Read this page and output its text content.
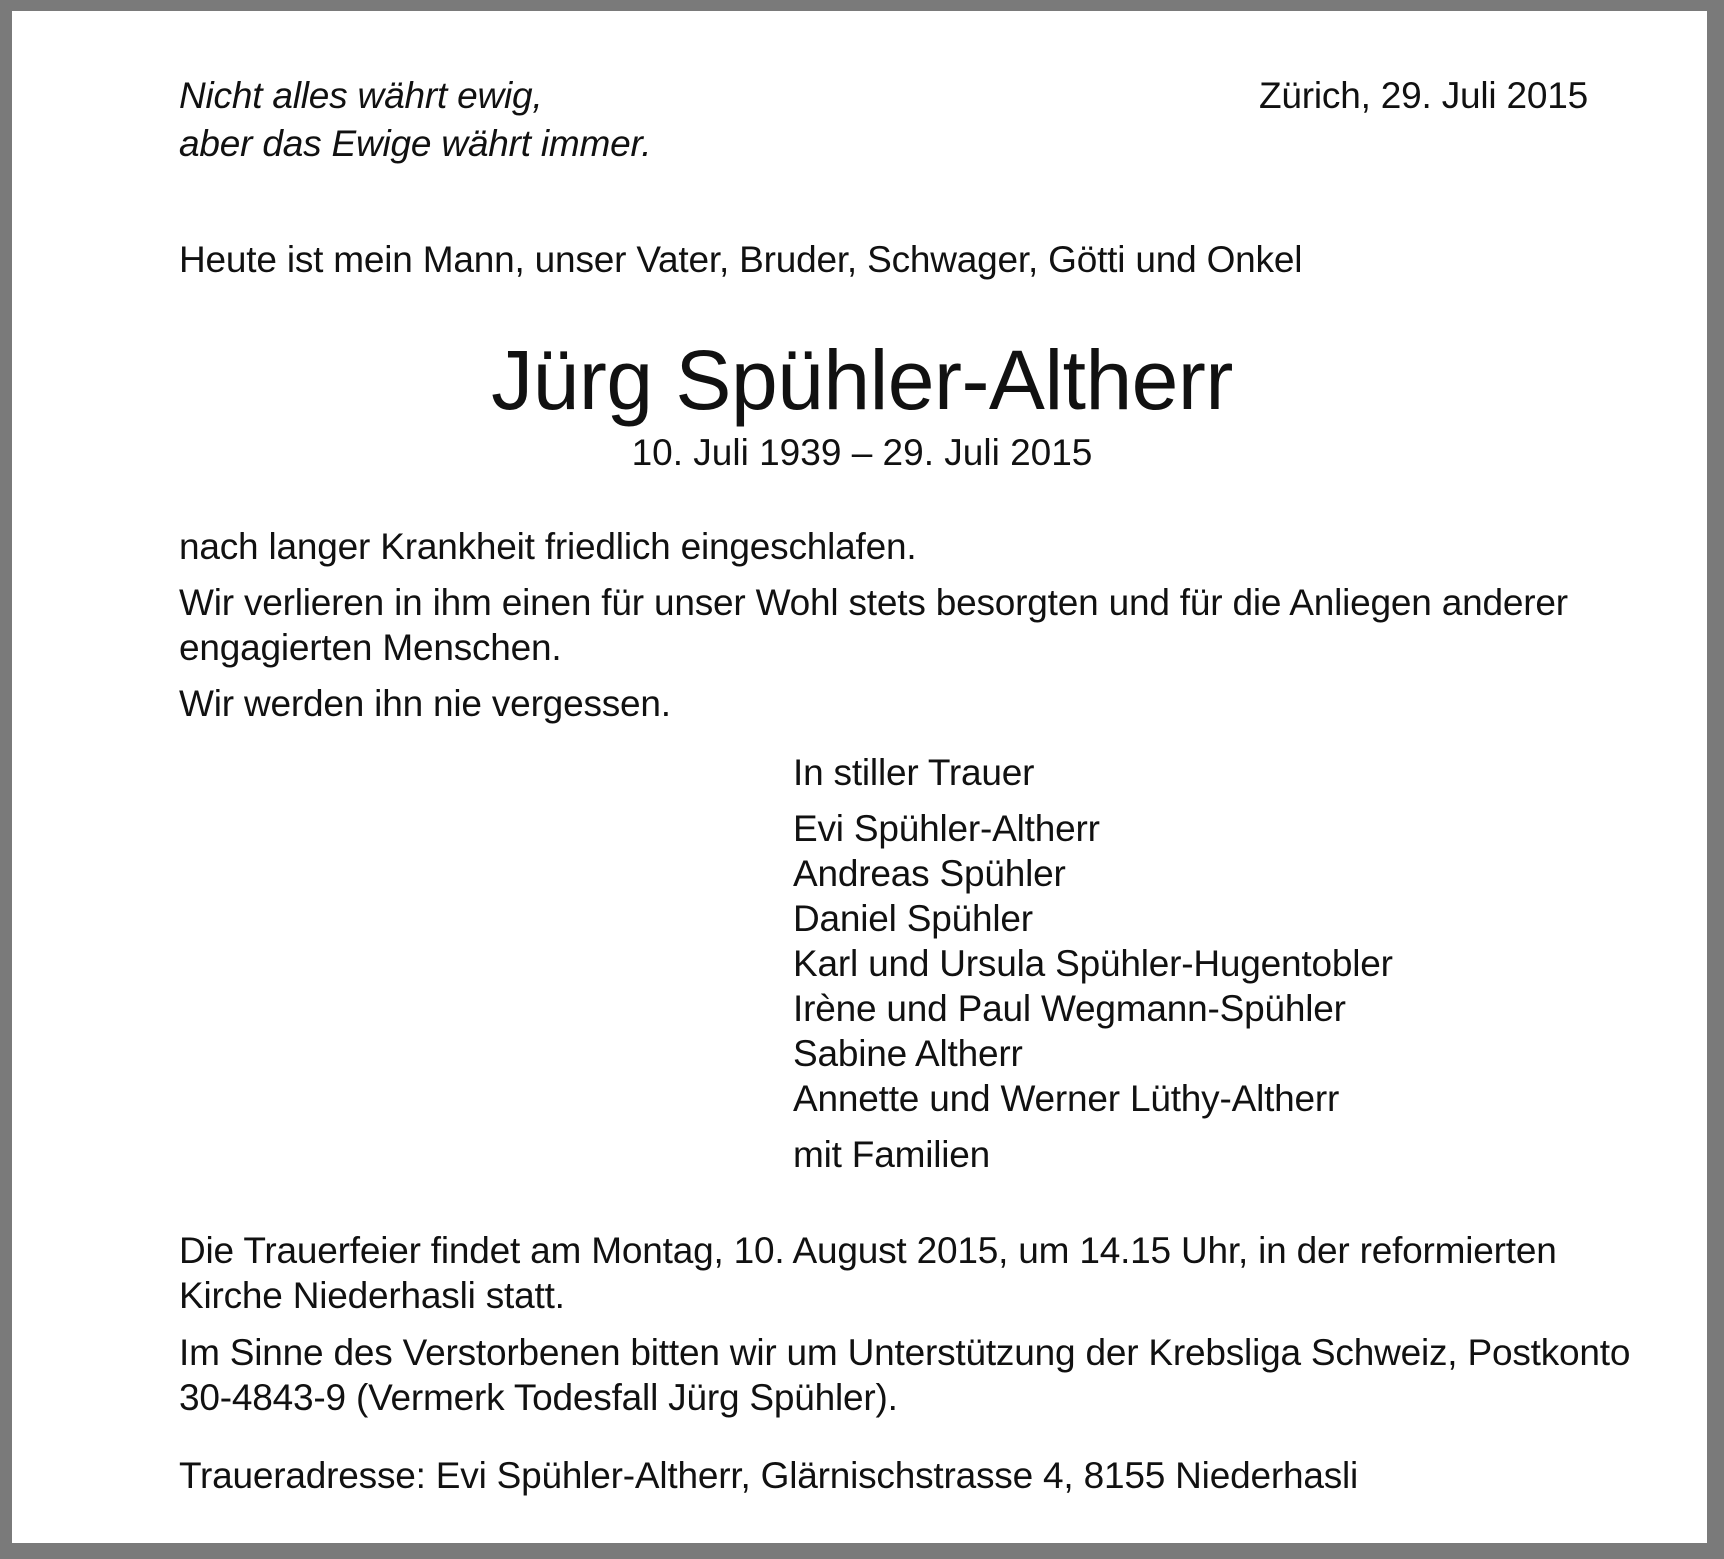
Nicht alles währt ewig,
aber das Ewige währt immer.
Zürich, 29. Juli 2015
Heute ist mein Mann, unser Vater, Bruder, Schwager, Götti und Onkel
Jürg Spühler-Altherr
10. Juli 1939 – 29. Juli 2015
nach langer Krankheit friedlich eingeschlafen.
Wir verlieren in ihm einen für unser Wohl stets besorgten und für die Anliegen anderer
engagierten Menschen.
Wir werden ihn nie vergessen.
In stiller Trauer
Evi Spühler-Altherr
Andreas Spühler
Daniel Spühler
Karl und Ursula Spühler-Hugentobler
Irène und Paul Wegmann-Spühler
Sabine Altherr
Annette und Werner Lüthy-Altherr
mit Familien
Die Trauerfeier findet am Montag, 10. August 2015, um 14.15 Uhr, in der reformierten
Kirche Niederhasli statt.
Im Sinne des Verstorbenen bitten wir um Unterstützung der Krebsliga Schweiz, Postkonto
30-4843-9 (Vermerk Todesfall Jürg Spühler).
Traueradresse: Evi Spühler-Altherr, Glärnischstrasse 4, 8155 Niederhasli
